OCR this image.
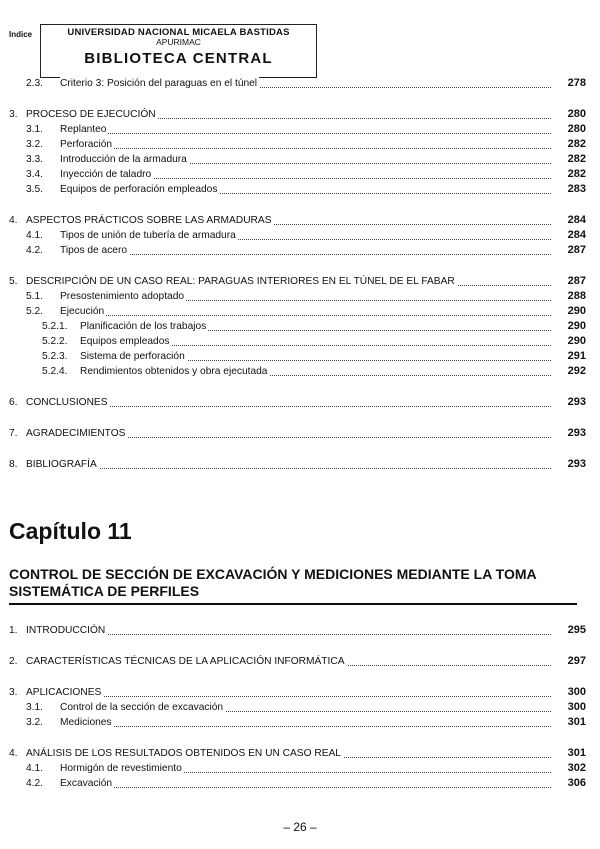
Indice	UNIVERSIDAD NACIONAL MICAELA BASTIDAS
APURIMAC
BIBLIOTECA CENTRAL
2.3. Criterio 3: Posición del paraguas en el túnel	278
3. PROCESO DE EJECUCIÓN	280
3.1. Replanteo	280
3.2. Perforación	282
3.3. Introducción de la armadura	282
3.4. Inyección de taladro	282
3.5. Equipos de perforación empleados	283
4. ASPECTOS PRÁCTICOS SOBRE LAS ARMADURAS	284
4.1. Tipos de unión de tubería de armadura	284
4.2. Tipos de acero	287
5. DESCRIPCIÓN DE UN CASO REAL: PARAGUAS INTERIORES EN EL TÚNEL DE EL FABAR	287
5.1. Presostenimiento adoptado	288
5.2. Ejecución	290
5.2.1. Planificación de los trabajos	290
5.2.2. Equipos empleados	290
5.2.3. Sistema de perforación	291
5.2.4. Rendimientos obtenidos y obra ejecutada	292
6. CONCLUSIONES	293
7. AGRADECIMIENTOS	293
8. BIBLIOGRAFÍA	293
Capítulo 11
CONTROL DE SECCIÓN DE EXCAVACIÓN Y MEDICIONES MEDIANTE LA TOMA SISTEMÁTICA DE PERFILES
1. INTRODUCCIÓN	295
2. CARACTERÍSTICAS TÉCNICAS DE LA APLICACIÓN INFORMÁTICA	297
3. APLICACIONES	300
3.1. Control de la sección de excavación	300
3.2. Mediciones	301
4. ANÁLISIS DE LOS RESULTADOS OBTENIDOS EN UN CASO REAL	301
4.1. Hormigón de revestimiento	302
4.2. Excavación	306
– 26 –
